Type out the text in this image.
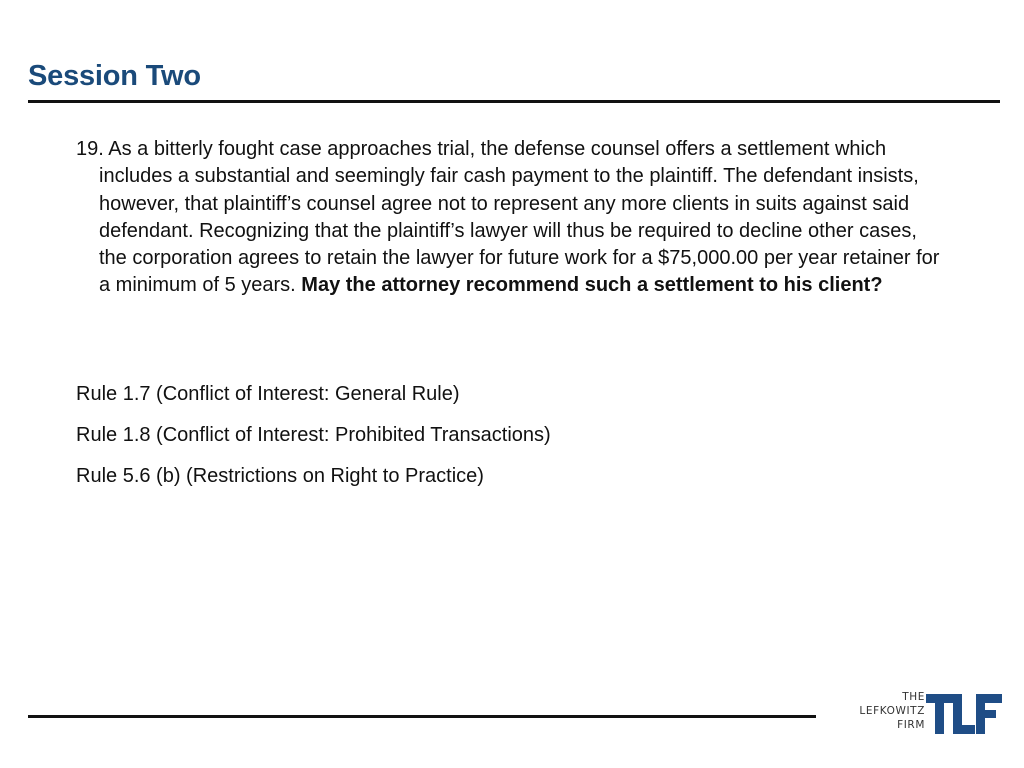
Session Two
19. As a bitterly fought case approaches trial, the defense counsel offers a settlement which includes a substantial and seemingly fair cash payment to the plaintiff. The defendant insists, however, that plaintiff’s counsel agree not to represent any more clients in suits against said defendant. Recognizing that the plaintiff’s lawyer will thus be required to decline other cases, the corporation agrees to retain the lawyer for future work for a $75,000.00 per year retainer for a minimum of 5 years. May the attorney recommend such a settlement to his client?
Rule 1.7 (Conflict of Interest: General Rule)
Rule 1.8 (Conflict of Interest: Prohibited Transactions)
Rule 5.6 (b) (Restrictions on Right to Practice)
THE
LEFKOWITZ
FIRM
